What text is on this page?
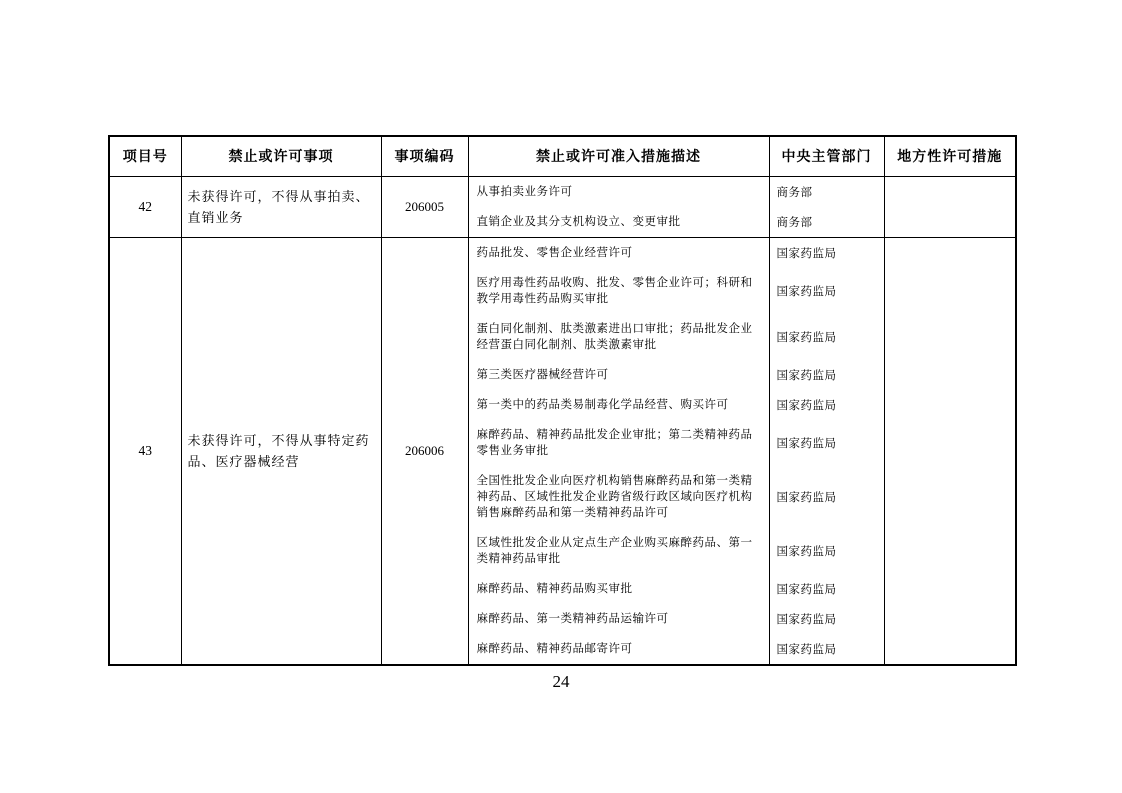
项目号	禁止或许可事项	事项编码	禁止或许可准入措施描述	中央主管部门	地方性许可措施
42	未获得许可，不得从事拍卖、直销业务	206005	从事拍卖业务许可	商务部	
			直销企业及其分支机构设立、变更审批	商务部	
43	未获得许可，不得从事特定药品、医疗器械经营	206006	药品批发、零售企业经营许可	国家药监局	
			医疗用毒性药品收购、批发、零售企业许可；科研和教学用毒性药品购买审批	国家药监局	
			蛋白同化制剂、肽类激素进出口审批；药品批发企业经营蛋白同化制剂、肽类激素审批	国家药监局	
			第三类医疗器械经营许可	国家药监局	
			第一类中的药品类易制毒化学品经营、购买许可	国家药监局	
			麻醉药品、精神药品批发企业审批；第二类精神药品零售业务审批	国家药监局	
			全国性批发企业向医疗机构销售麻醉药品和第一类精神药品、区域性批发企业跨省级行政区域向医疗机构销售麻醉药品和第一类精神药品许可	国家药监局	
			区域性批发企业从定点生产企业购买麻醉药品、第一类精神药品审批	国家药监局	
			麻醉药品、精神药品购买审批	国家药监局	
			麻醉药品、第一类精神药品运输许可	国家药监局	
			麻醉药品、精神药品邮寄许可	国家药监局	
24
